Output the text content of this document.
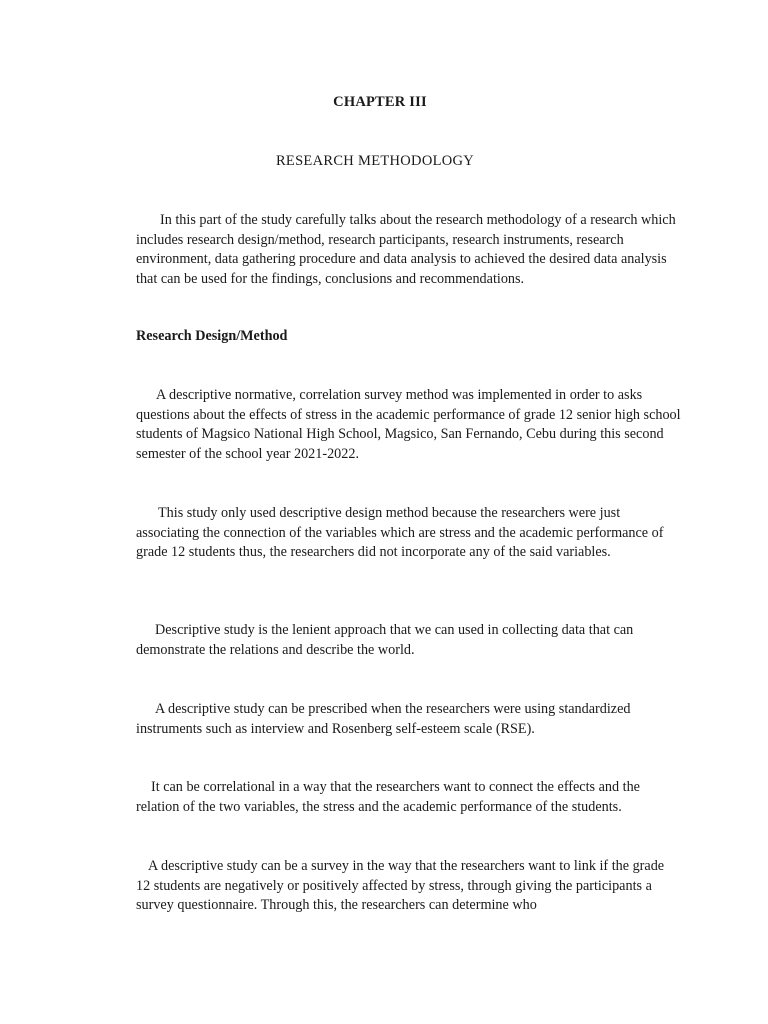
CHAPTER III
RESEARCH METHODOLOGY
In this part of the study carefully talks about the research methodology of a research which includes research design/method, research participants, research instruments, research environment, data gathering procedure and data analysis to achieved the desired data analysis that can be used for the findings, conclusions and recommendations.
Research Design/Method
A descriptive normative, correlation survey method was implemented in order to asks questions about the effects of stress in the academic performance of grade 12 senior high school students of Magsico National High School, Magsico, San Fernando, Cebu during this second semester of the school year 2021-2022.
This study only used descriptive design method because the researchers were just associating the connection of the variables which are stress and the academic performance of grade 12 students thus, the researchers did not incorporate any of the said variables.
Descriptive study is the lenient approach that we can used in collecting data that can demonstrate the relations and describe the world.
A descriptive study can be prescribed when the researchers were using standardized instruments such as interview and Rosenberg self-esteem scale (RSE).
It can be correlational in a way that the researchers want to connect the effects and the relation of the two variables, the stress and the academic performance of the students.
A descriptive study can be a survey in the way that the researchers want to link if the grade 12 students are negatively or positively affected by stress, through giving the participants a survey questionnaire. Through this, the researchers can determine who
